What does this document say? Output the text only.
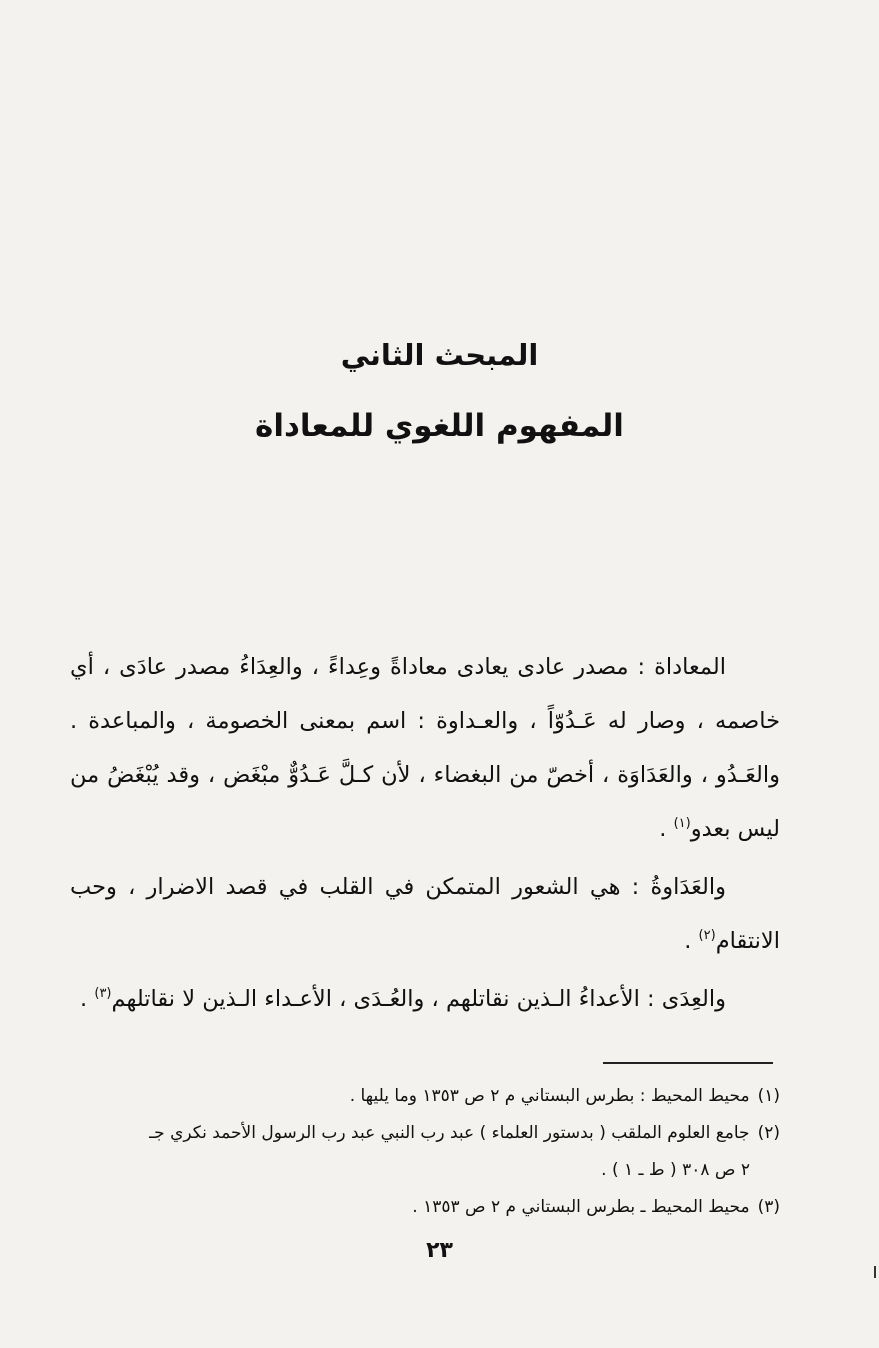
المبحث الثاني
المفهوم اللغوي للمعاداة

المعاداة : مصدر عادى يعادى معاداةً وعِداءً ، والعِدَاءُ مصدر عادَى ، أي خاصمه ، وصار له عَـدُوّاً ، والعـداوة : اسم بمعنى الخصومة ، والمباعدة . والعَـدُو ، والعَدَاوَة ، أخصّ من البغضاء ، لأن كـلَّ عَـدُوٌّ مبْغَض ، وقد يُبْغَضُ من ليس بعدو$^{(١)}$ .

والعَدَاوةُ : هي الشعور المتمكن في القلب في قصد الاضرار ، وحب الانتقام$^{(٢)}$ .

والعِدَى : الأعداءُ الـذين نقاتلهم ، والعُـدَى ، الأعـداء الـذين لا نقاتلهم$^{(٣)}$ .

(١)محيط المحيط : بطرس البستاني م ٢ ص ١٣٥٣ وما يليها .

(٢)جامع العلوم الملقب ( بدستور العلماء ) عبد رب النبي عبد رب الرسول الأحمد نكري جـ

٢ ص ٣٠٨ ( ط ـ ١ ) .

(٣)محيط المحيط ـ بطرس البستاني م ٢ ص ١٣٥٣ .

٢٣
